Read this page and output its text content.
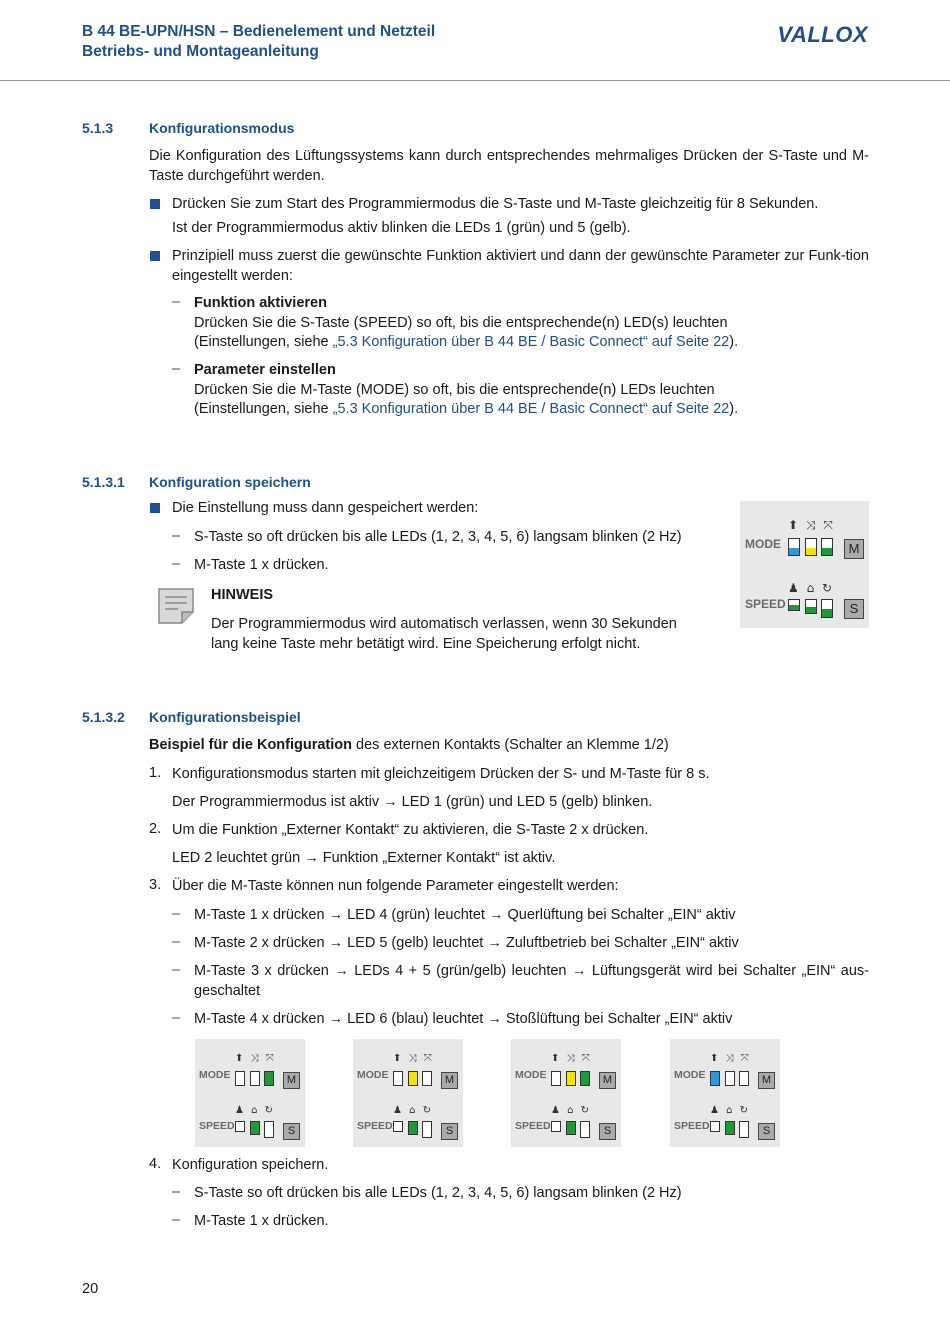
B 44 BE-UPN/HSN – Bedienelement und Netzteil
Betriebs- und Montageanleitung
VALLOX
5.1.3	Konfigurationsmodus
Die Konfiguration des Lüftungssystems kann durch entsprechendes mehrmaliges Drücken der S-Taste und M-Taste durchgeführt werden.
Drücken Sie zum Start des Programmiermodus die S-Taste und M-Taste gleichzeitig für 8 Sekunden.
Ist der Programmiermodus aktiv blinken die LEDs 1 (grün) und 5 (gelb).
Prinzipiell muss zuerst die gewünschte Funktion aktiviert und dann der gewünschte Parameter zur Funk-tion eingestellt werden:
– Funktion aktivieren
Drücken Sie die S-Taste (SPEED) so oft, bis die entsprechende(n) LED(s) leuchten
(Einstellungen, siehe „5.3 Konfiguration über B 44 BE / Basic Connect“ auf Seite 22).
– Parameter einstellen
Drücken Sie die M-Taste (MODE) so oft, bis die entsprechende(n) LEDs leuchten
(Einstellungen, siehe „5.3 Konfiguration über B 44 BE / Basic Connect“ auf Seite 22).
5.1.3.1 Konfiguration speichern
Die Einstellung muss dann gespeichert werden:
– S-Taste so oft drücken bis alle LEDs (1, 2, 3, 4, 5, 6) langsam blinken (2 Hz)
– M-Taste 1 x drücken.
HINWEIS
Der Programmiermodus wird automatisch verlassen, wenn 30 Sekunden lang keine Taste mehr betätigt wird. Eine Speicherung erfolgt nicht.
MODE
⬆ ⤨ ⤧
M
SPEED
♟ ⌂ ↻
S
5.1.3.2 Konfigurationsbeispiel
Beispiel für die Konfiguration des externen Kontakts (Schalter an Klemme 1/2)
1. Konfigurationsmodus starten mit gleichzeitigem Drücken der S- und M-Taste für 8 s.
Der Programmiermodus ist aktiv → LED 1 (grün) und LED 5 (gelb) blinken.
2. Um die Funktion „Externer Kontakt“ zu aktivieren, die S-Taste 2 x drücken.
LED 2 leuchtet grün → Funktion „Externer Kontakt“ ist aktiv.
3. Über die M-Taste können nun folgende Parameter eingestellt werden:
– M-Taste 1 x drücken → LED 4 (grün) leuchtet → Querlüftung bei Schalter „EIN“ aktiv
– M-Taste 2 x drücken → LED 5 (gelb) leuchtet → Zuluftbetrieb bei Schalter „EIN“ aktiv
– M-Taste 3 x drücken → LEDs 4 + 5 (grün/gelb) leuchten → Lüftungsgerät wird bei Schalter „EIN“ aus-geschaltet
– M-Taste 4 x drücken → LED 6 (blau) leuchtet → Stoßlüftung bei Schalter „EIN“ aktiv
MODE
⬆ ⤨ ⤧
M
SPEED
♟ ⌂ ↻
S
MODE
⬆ ⤨ ⤧
M
SPEED
♟ ⌂ ↻
S
MODE
⬆ ⤨ ⤧
M
SPEED
♟ ⌂ ↻
S
MODE
⬆ ⤨ ⤧
M
SPEED
♟ ⌂ ↻
S
4. Konfiguration speichern.
– S-Taste so oft drücken bis alle LEDs (1, 2, 3, 4, 5, 6) langsam blinken (2 Hz)
– M-Taste 1 x drücken.
20
